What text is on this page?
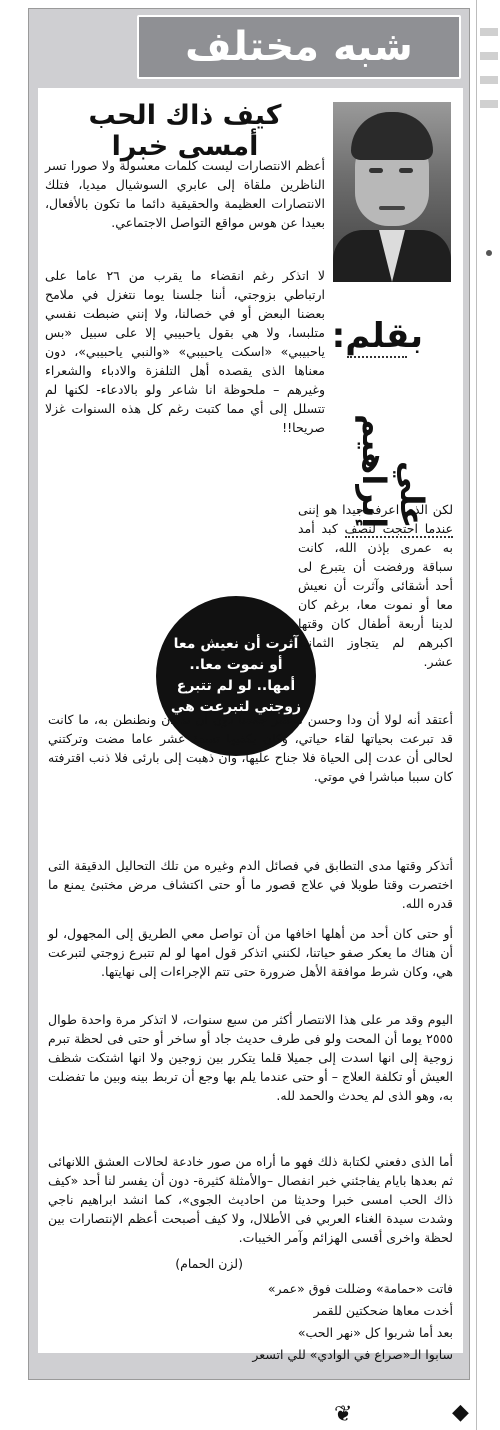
شبه مختلف
كيف ذاك الحب أمسى خبرا
بقلم:
علي إبراهيم

أعظم الانتصارات ليست كلمات معسولة ولا صورا تسر الناظرين ملقاة إلى عابري السوشيال ميديا، فتلك الانتصارات العظيمة والحقيقية دائما ما تكون بالأفعال، بعيدا عن هوس مواقع التواصل الاجتماعي.

لا اتذكر رغم انقضاء ما يقرب من ٢٦ عاما على ارتباطي بزوجتي، أننا جلسنا يوما نتغزل في ملامح بعضنا البعض أو في خصالنا، ولا إنني ضبطت نفسي متلبسا، ولا هي بقول ياحبيبي إلا على سبيل «بس ياحبيبي» «اسكت ياحبيبي» «والنبي ياحبيبي»، دون معناها الذى يقصده أهل التلفزة والادباء والشعراء وغيرهم – ملحوظة انا شاعر ولو بالادعاء- لكنها لم تتسلل إلى أي مما كتبت رغم كل هذه السنوات غزلا صريحا!!

آثرت أن نعيش معا أو نموت معا.. أمها.. لو لم تتبرع زوجتي لتبرعت هي

لكن الذى اعرفه جيدا هو إننى عندما احتجت لنصف كبد أمد به عمرى بإذن الله، كانت سباقة ورفضت أن يتبرع لى أحد أشقائى وآثرت أن نعيش معا أو نموت معا، برغم كان لدينا أربعة أطفال كان وقتها اكبرهم لم يتجاوز الثمانية عشر.

أعتقد أنه لولا أن ودا وحسن معشر جمعنا دون أن ندندن ونطنطن به، ما كانت قد تبرعت بحياتها لقاء حياتي، وكان يكفيها تسعة عشر عاما مضت وتركتني لحالى أن عدت إلى الحياة فلا جناح عليها، وان ذهبت إلى بارئى فلا ذنب اقترفته كان سببا مباشرا في موتي.

أتذكر وقتها مدى التطابق في فصائل الدم وغيره من تلك التحاليل الدقيقة التى اختصرت وقتا طويلا في علاج قصور ما أو حتى اكتشاف مرض مختبئ يمنع ما قدره الله.

أو حتى كان أحد من أهلها اخافها من أن تواصل معي الطريق إلى المجهول، لو أن هناك ما يعكر صفو حياتنا، لكنني اتذكر قول امها لو لم تتبرع زوجتي لتبرعت هي، وكان شرط موافقة الأهل ضرورة حتى تتم الإجراءات إلى نهايتها.

اليوم وقد مر على هذا الانتصار أكثر من سبع سنوات، لا اتذكر مرة واحدة طوال ٢٥٥٥ يوما أن المحت ولو فى طرف حديث جاد أو ساخر أو حتى فى لحظة تبرم زوجية إلى انها اسدت إلى جميلا قلما يتكرر بين زوجين ولا انها اشتكت شظف العيش أو تكلفة العلاج – أو حتى عندما يلم بها وجع أن تربط بينه وبين ما تفضلت به، وهو الذى لم يحدث والحمد لله.

أما الذى دفعني لكتابة ذلك فهو ما أراه من صور خادعة لحالات العشق اللانهائى ثم بعدها بايام يفاجئني خبر انفصال –والأمثلة كثيرة- دون أن يفسر لنا أحد «كيف ذاك الحب امسى خبرا وحديثا من احاديث الجوى»، كما انشد ابراهيم ناجي وشدت سيدة الغناء العربي فى الأطلال، ولا كيف أصبحت أعظم الإنتصارات بين لحظة واخرى أقسى الهزائم وآمر الخيبات.

(لزن الحمام)
فاتت «حمامة» وضللت فوق «عمر»
أخدت معاها ضحكتين للقمر
بعد أما شربوا كل «نهر الحب»
سابوا الـ«صراع في الوادي» للي اتسعر
❦	◆
